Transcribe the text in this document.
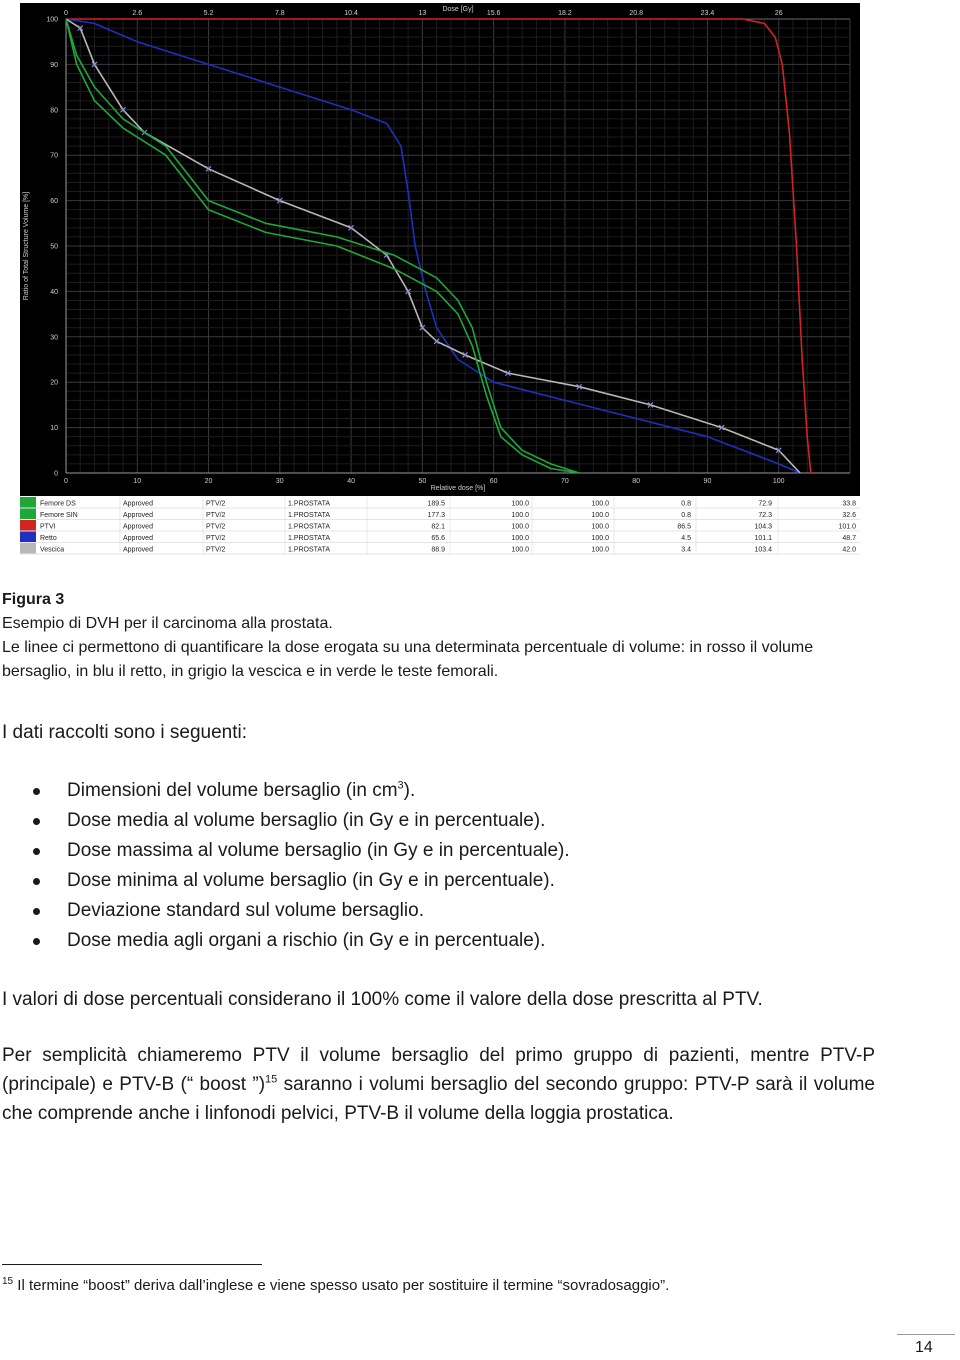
0	10	20	30	40	50	60	70	80	90	100
0	2.6	5.2	7.8	10.4	13	15.6	18.2	20.8	23.4	26
0
10
20
30
40
50
60
70
80
90
100
Relative dose [%]
Dose [Gy]
Ratio of Total Structure Volume [%]
Femore DS	Approved	PTV/2	1.PROSTATA	189.5	100.0	100.0	0.8	72.9	33.8
Femore SIN	Approved	PTV/2	1.PROSTATA	177.3	100.0	100.0	0.8	72.3	32.6
PTVI	Approved	PTV/2	1.PROSTATA	82.1	100.0	100.0	86.5	104.3	101.0
Retto	Approved	PTV/2	1.PROSTATA	65.6	100.0	100.0	4.5	101.1	48.7
Vescica	Approved	PTV/2	1.PROSTATA	88.9	100.0	100.0	3.4	103.4	42.0
Figura 3
Esempio di DVH per il carcinoma alla prostata.
Le linee ci permettono di quantificare la dose erogata su una determinata percentuale di volume: in rosso il volume bersaglio, in blu il retto, in grigio la vescica e in verde le teste femorali.
I dati raccolti sono i seguenti:
Dimensioni del volume bersaglio (in $cm^3$).
Dose media al volume bersaglio (in Gy e in percentuale).
Dose massima al volume bersaglio (in Gy e in percentuale).
Dose minima al volume bersaglio (in Gy e in percentuale).
Deviazione standard sul volume bersaglio.
Dose media agli organi a rischio (in Gy e in percentuale).
I valori di dose percentuali considerano il 100% come il valore della dose prescritta al PTV.
Per semplicità chiameremo PTV il volume bersaglio del primo gruppo di pazienti, mentre PTV-P (principale) e PTV-B (“ boost ”)$^{15}$ saranno i volumi bersaglio del secondo gruppo: PTV-P sarà il volume che comprende anche i linfonodi pelvici, PTV-B il volume della loggia prostatica.
$^{15}$ Il termine “boost” deriva dall’inglese e viene spesso usato per sostituire il termine “sovradosaggio”.
14
